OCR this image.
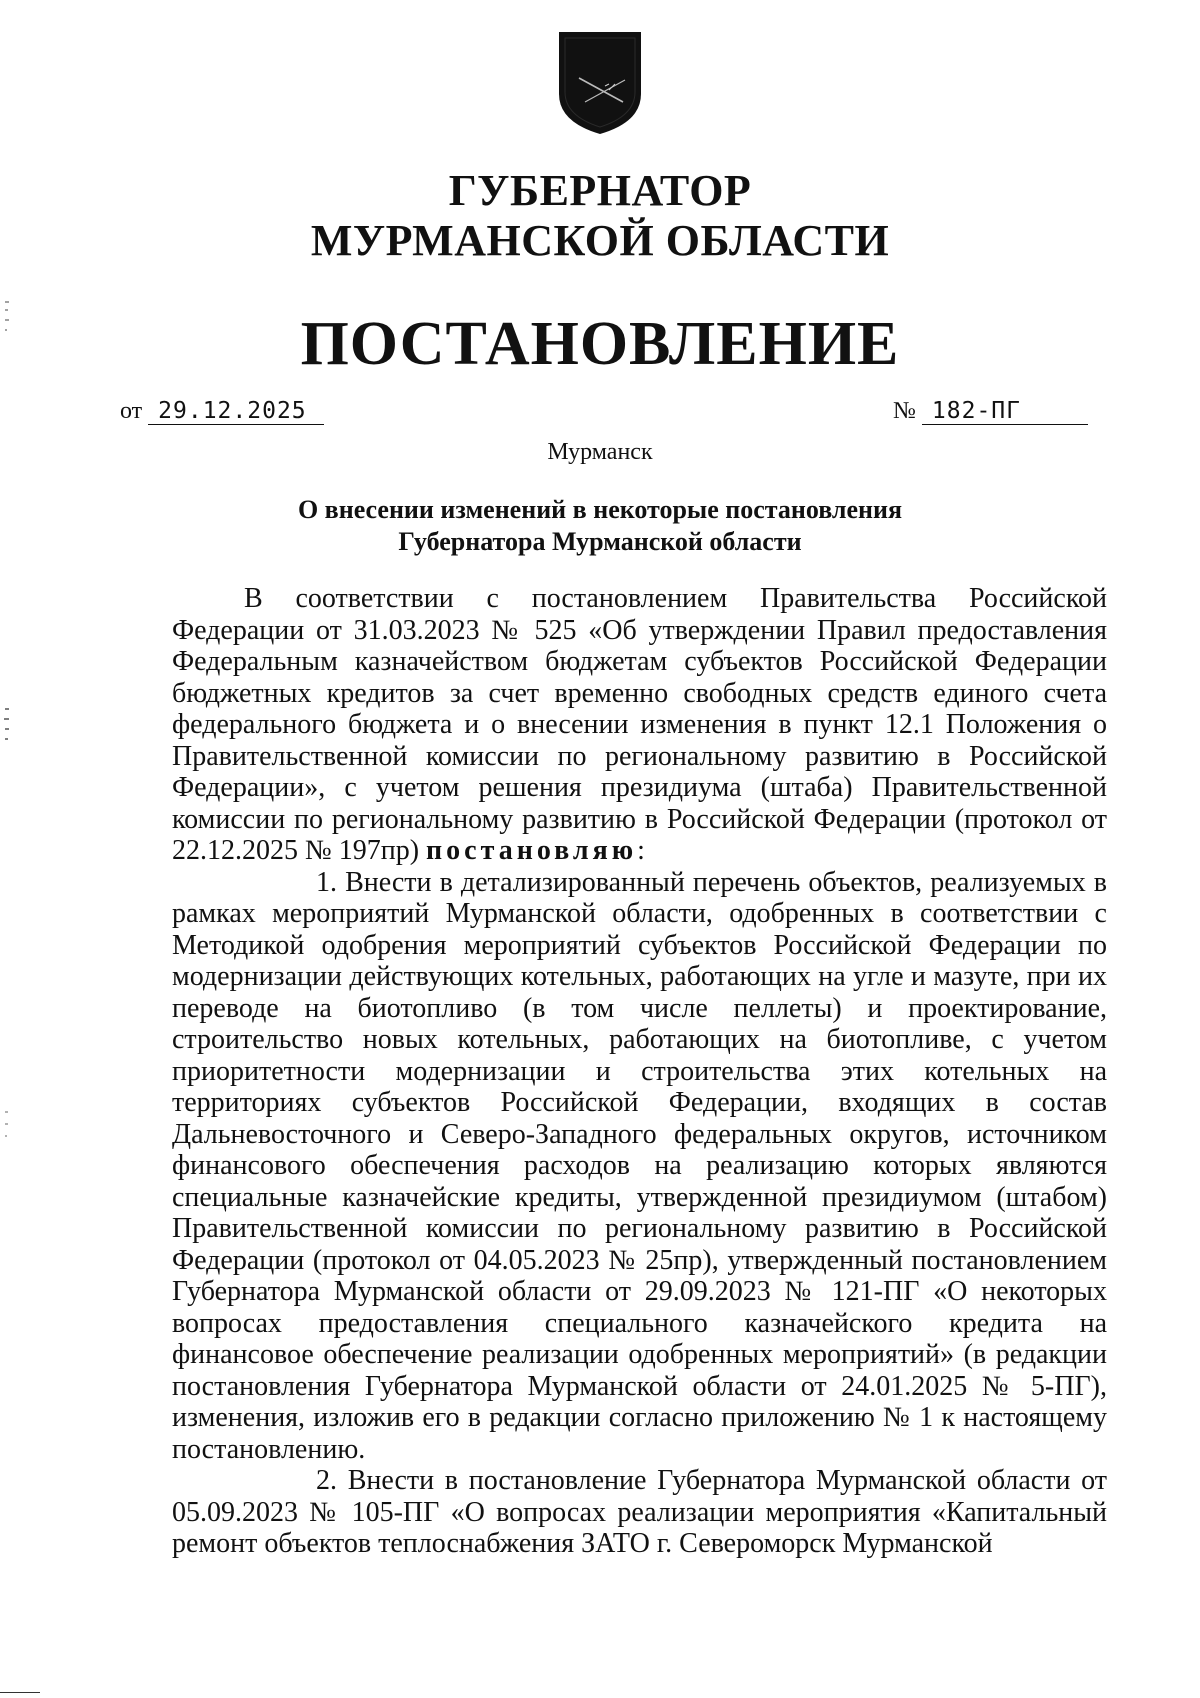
ГУБЕРНАТОР
МУРМАНСКОЙ ОБЛАСТИ
ПОСТАНОВЛЕНИЕ
от 29.12.2025	№ 182-ПГ
Мурманск
О внесении изменений в некоторые постановления
Губернатора Мурманской области

В соответствии с постановлением Правительства Российской Федерации от 31.03.2023 № 525 «Об утверждении Правил предоставления Федеральным казначейством бюджетам субъектов Российской Федерации бюджетных кредитов за счет временно свободных средств единого счета федерального бюджета и о внесении изменения в пункт 12.1 Положения о Правительственной комиссии по региональному развитию в Российской Федерации», с учетом решения президиума (штаба) Правительственной комиссии по региональному развитию в Российской Федерации (протокол от 22.12.2025 № 197пр) постановляю:

1. Внести в детализированный перечень объектов, реализуемых в рамках мероприятий Мурманской области, одобренных в соответствии с Методикой одобрения мероприятий субъектов Российской Федерации по модернизации действующих котельных, работающих на угле и мазуте, при их переводе на биотопливо (в том числе пеллеты) и проектирование, строительство новых котельных, работающих на биотопливе, с учетом приоритетности модернизации и строительства этих котельных на территориях субъектов Российской Федерации, входящих в состав Дальневосточного и Северо-Западного федеральных округов, источником финансового обеспечения расходов на реализацию которых являются специальные казначейские кредиты, утвержденной президиумом (штабом) Правительственной комиссии по региональному развитию в Российской Федерации (протокол от 04.05.2023 № 25пр), утвержденный постановлением Губернатора Мурманской области от 29.09.2023 № 121-ПГ «О некоторых вопросах предоставления специального казначейского кредита на финансовое обеспечение реализации одобренных мероприятий» (в редакции постановления Губернатора Мурманской области от 24.01.2025 № 5-ПГ), изменения, изложив его в редакции согласно приложению № 1 к настоящему постановлению.

2. Внести в постановление Губернатора Мурманской области от 05.09.2023 № 105-ПГ «О вопросах реализации мероприятия «Капитальный ремонт объектов теплоснабжения ЗАТО г. Североморск Мурманской
